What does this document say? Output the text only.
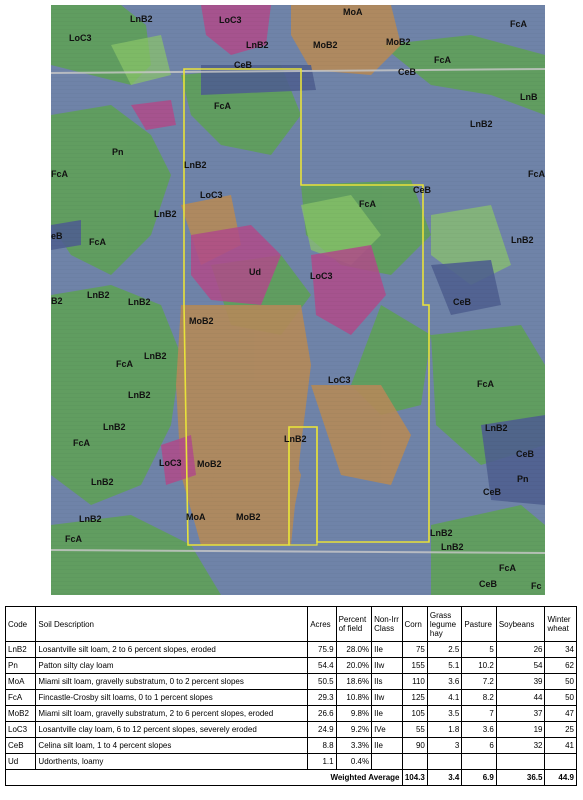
LnB2	LoC3
LoC3
LnB2
MoA
MoB2	MoB2
FcA
CeB
CeB
FcA
LnB
FcA
LnB2
Pn
LnB2
FcA
LoC3	CeB
FcA
LnB2
FcA
eB
FcA	LnB2
Ud	LoC3
B2
LnB2
LnB2
MoB2
CeB
LnB2
FcA
LnB2
LoC3	FcA
LnB2	LnB2
FcA	LnB2
LoC3 MoB2
LnB2
CeB
Pn
LnB2
CeB
MoA	MoB2
LnB2
FcA
LnB2
FcA
CeB	Fc
Code	Soil Description	Acres	Percent of field	Non-Irr Class	Corn	Grass legume hay	Pasture	Soybeans	Winter wheat
LnB2	Losantville silt loam, 2 to 6 percent slopes, eroded	75.9	28.0%	IIe	75	2.5	5	26	34
Pn	Patton silty clay loam	54.4	20.0%	IIw	155	5.1	10.2	54	62
MoA	Miami silt loam, gravelly substratum, 0 to 2 percent slopes	50.5	18.6%	IIs	110	3.6	7.2	39	50
FcA	Fincastle-Crosby silt loams, 0 to 1 percent slopes	29.3	10.8%	IIw	125	4.1	8.2	44	50
MoB2	Miami silt loam, gravelly substratum, 2 to 6 percent slopes, eroded	26.6	9.8%	IIe	105	3.5	7	37	47
LoC3	Losantville clay loam, 6 to 12 percent slopes, severely eroded	24.9	9.2%	IVe	55	1.8	3.6	19	25
CeB	Celina silt loam, 1 to 4 percent slopes	8.8	3.3%	IIe	90	3	6	32	41
Ud	Udorthents, loamy	1.1	0.4%						
Weighted Average					104.3	3.4	6.9	36.5	44.9
